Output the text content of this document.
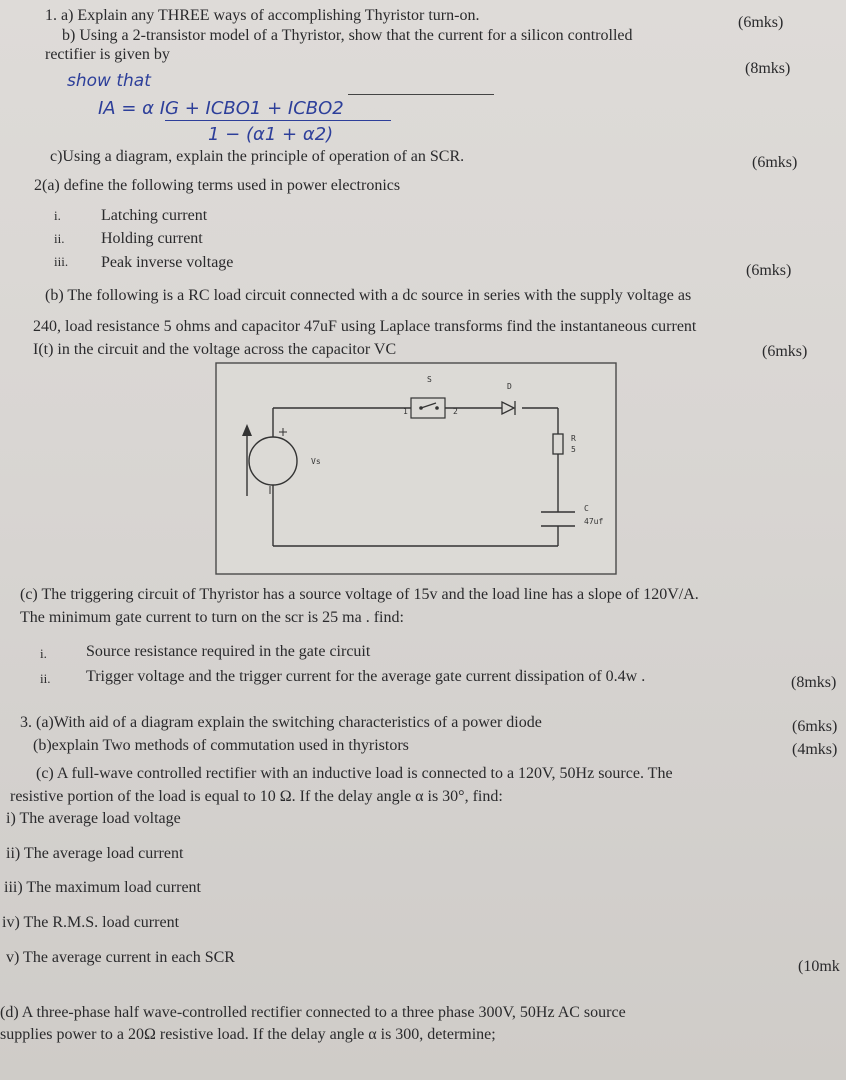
1. a) Explain any THREE ways of accomplishing Thyristor turn-on.	(6mks)
b) Using a 2-transistor model of a Thyristor, show that the current for a silicon controlled
rectifier is given by
(8mks)
show that
IA = α IG + ICBO1 + ICBO2
1 − (α1 + α2)
c)Using a diagram, explain the principle of operation of an SCR.	(6mks)
2(a) define the following terms used in power electronics
i.	Latching current
ii. Holding current
iii. Peak inverse voltage	(6mks)
(b) The following is a RC load circuit connected with a dc source in series with the supply voltage as
240, load resistance 5 ohms and capacitor 47uF using Laplace transforms find the instantaneous current
I(t) in the circuit and the voltage across the capacitor VC	(6mks)
Vs
S
1	2
D
R
5
C
47uf
(c) The triggering circuit of Thyristor has a source voltage of 15v and the load line has a slope of 120V/A.
The minimum gate current to turn on the scr is 25 ma . find:
i. Source resistance required in the gate circuit
ii. Trigger voltage and the trigger current for the average gate current dissipation of 0.4w .	(8mks)
3. (a)With aid of a diagram explain the switching characteristics of a power diode	(6mks)
(b)explain Two methods of commutation used in thyristors	(4mks)
(c) A full-wave controlled rectifier with an inductive load is connected to a 120V, 50Hz source. The
resistive portion of the load is equal to 10 Ω. If the delay angle α is 30°, find:
i) The average load voltage
ii) The average load current
iii) The maximum load current
iv) The R.M.S. load current
v) The average current in each SCR
(10mk
(d) A three-phase half wave-controlled rectifier connected to a three phase 300V, 50Hz AC source
supplies power to a 20Ω resistive load. If the delay angle α is 300, determine;
